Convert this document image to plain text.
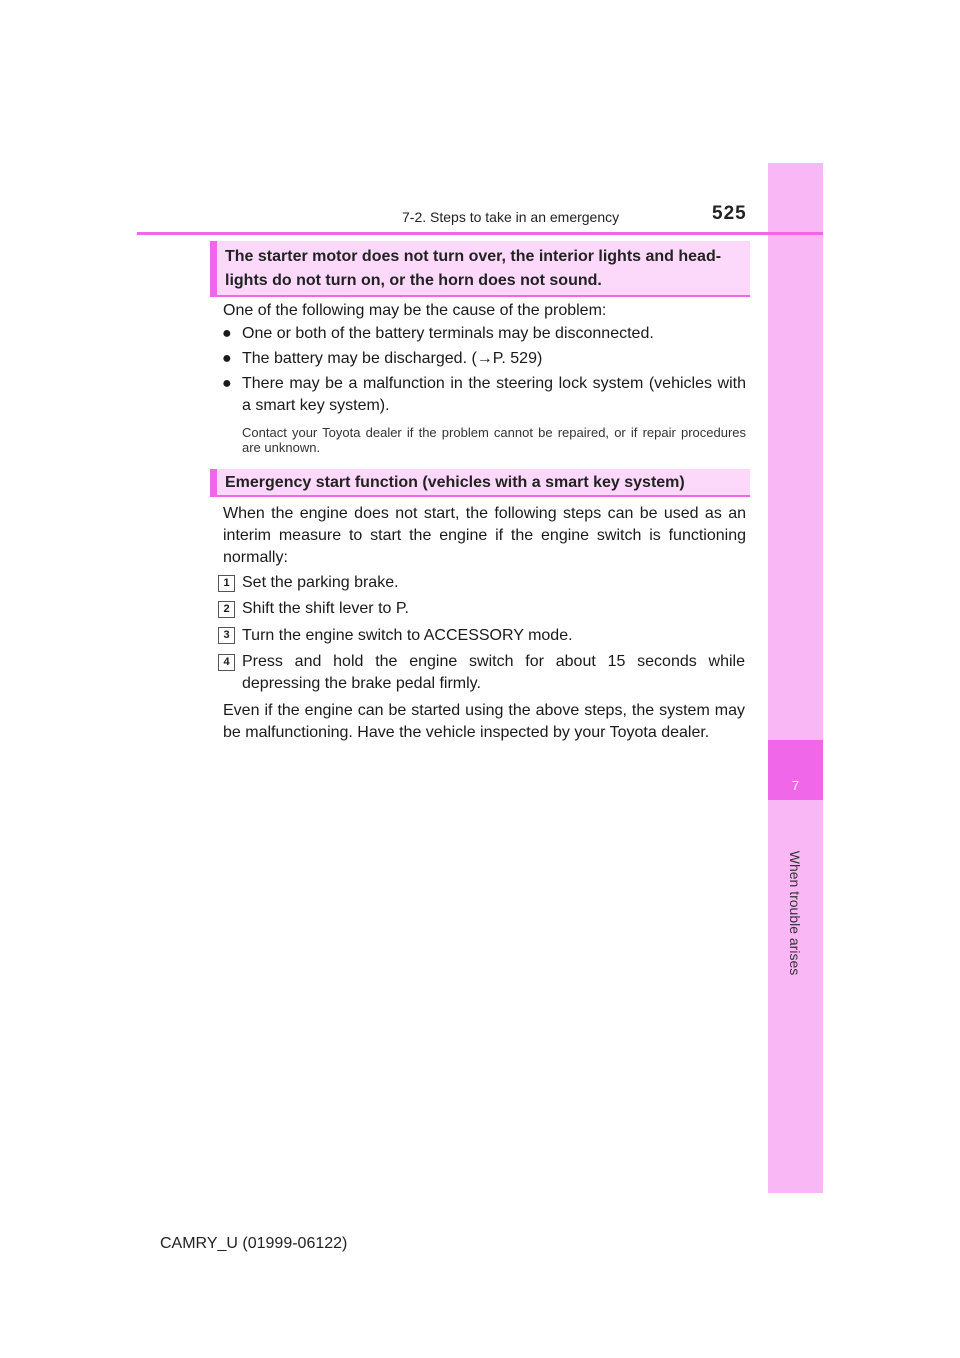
7
When trouble arises
7-2. Steps to take in an emergency	525
The starter motor does not turn over, the interior lights and head-
lights do not turn on, or the horn does not sound.
One of the following may be the cause of the problem:
● One or both of the battery terminals may be disconnected.
● The battery may be discharged. (→P. 529)
● There may be a malfunction in the steering lock system (vehicles with a smart key system).
Contact your Toyota dealer if the problem cannot be repaired, or if repair procedures are unknown.
Emergency start function (vehicles with a smart key system)
When the engine does not start, the following steps can be used as an interim measure to start the engine if the engine switch is functioning normally:
1 Set the parking brake.
2 Shift the shift lever to P.
3 Turn the engine switch to ACCESSORY mode.
4 Press and hold the engine switch for about 15 seconds while depressing the brake pedal firmly.
Even if the engine can be started using the above steps, the system may be malfunctioning. Have the vehicle inspected by your Toyota dealer.
CAMRY_U (01999-06122)
